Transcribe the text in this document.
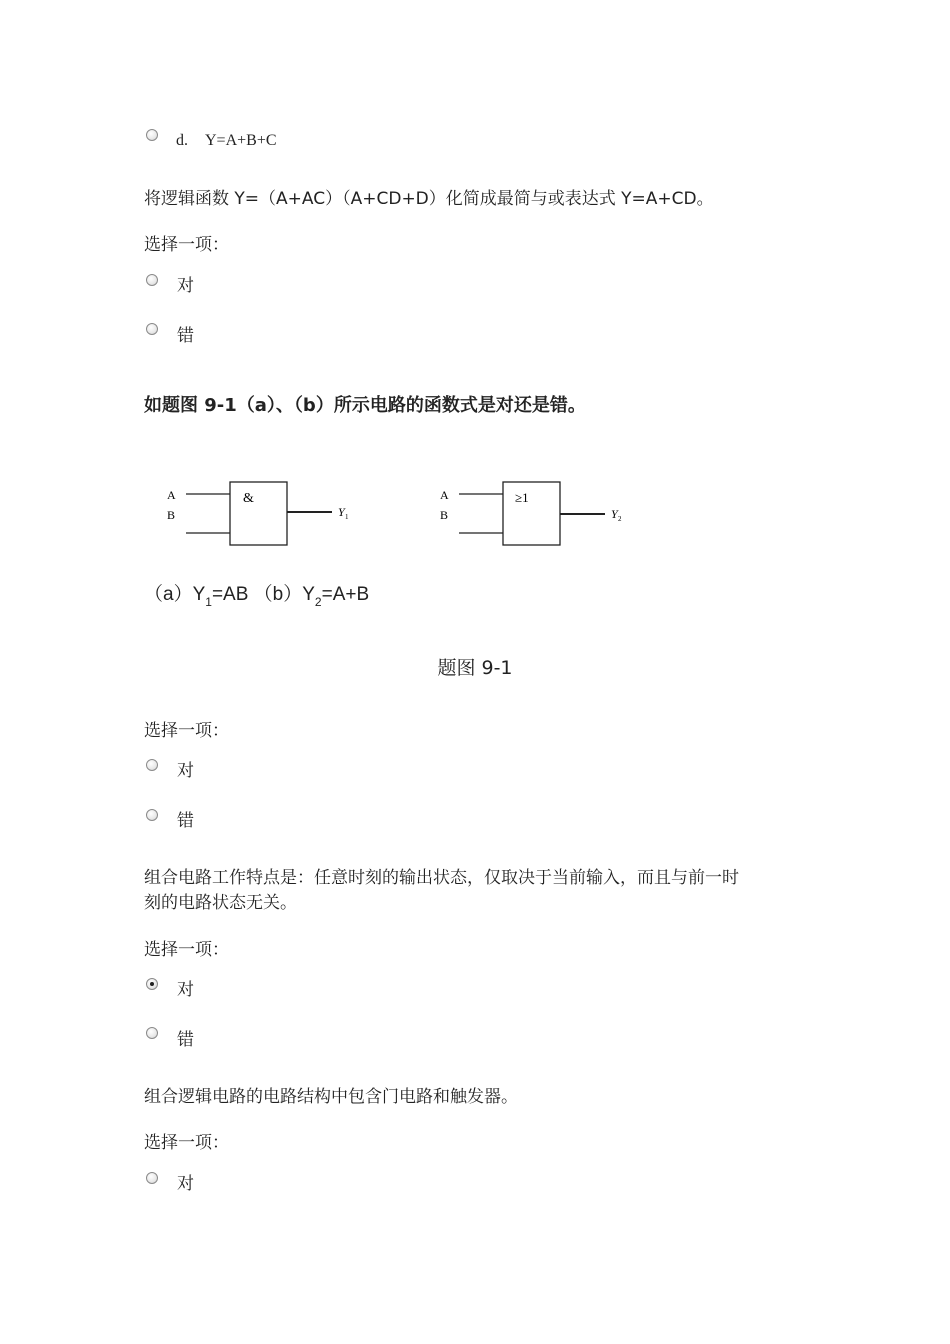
d. Y=A+B+C
将逻辑函数 Y=（A+AC）（A+CD+D）化简成最简与或表达式 Y=A+CD。
选择一项：
对
错
如题图 9-1（a）、（b）所示电路的函数式是对还是错。
A
B
&
Y 1
A
B
≥1
Y 2
$(a)Y_1=AB$ $(b)Y_2=A+B$
题图 9-1
选择一项：
对
错
组合电路工作特点是：任意时刻的输出状态，仅取决于当前输入，而且与前一时
刻的电路状态无关。
选择一项：
对
错
组合逻辑电路的电路结构中包含门电路和触发器。
选择一项：
对
